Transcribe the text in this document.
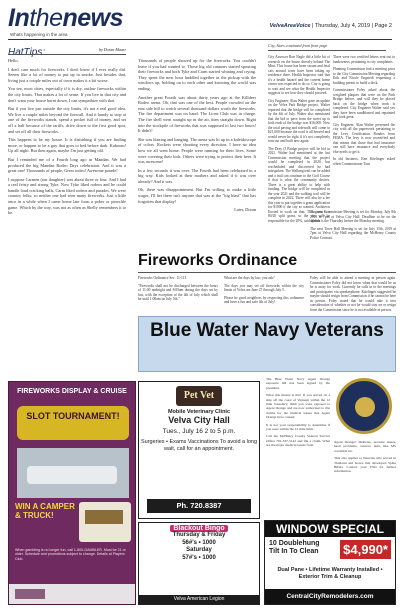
Inthenews
Whats happening in the area
VelvaAreaVoice | Thursday, July 4, 2019 | Page 2
HatTips:	by Doran Mauer

Hello,

I don't care much for fireworks. I don't know if I ever really did. Seems like a lot of money to put up in smoke. Just besides that, living just a couple miles out of town makes it a bit worse.

You see, most cities, especially if it is dry, outlaw fireworks within the city limits. That makes a lot of sense. If you live in that city and don't want your house burnt down, I can sympathize with that.

But if you live just outside the city limits, it's not a real good idea. We live a couple miles beyond the firewall. And it handy to stop at one of the fireworks stands, spend a pocket full of money, and set off a half because of the tariffs, drive down to the first good spot, and set off all their fireworks.

This happens to be my house. It is disturbing if you are finding more, or happen to be a guy that goes to bed before dark. Kaboom! Up all night. But then again, maybe I'm just getting old.

But I reminded me of a Fourth long ago in Mandan. We had produced the big Mandan Rodeo Days celebration. And it was a great one! Thousands of people. Great rodeo! Awesome parade!

I suppose Carmen (our daughter) was about three or four. And I had a real feisty and strong Tyke. Now Tyke liked rodeos and he could handle loud cracking balls, Carm liked rodeos and parades. We were country folks; so neither one had seen many fireworks. Just a little once in a while when I came home late from a poker or pinochle game. Which by the way, was not as often as Shelly remembers it to be.

Thousands of people showed up for the fireworks. You couldn't leave if you had wanted to. Those big old cannons started spouting their fireworks and both Tyke and Carm started whining and crying. They spent the next hour huddled together in the pickup with the windows up, holding on to each other and knowing the world was ending.

Another great Fourth was about thirty years ago at the Killdeer Rodeo arena. Oh, that was one of the best. People crowded on the east side hill to watch several thousand dollars worth the fireworks. The fire department was on hand. The Lions Club was in charge. The fire shell went straight up in the air, then straight down. Right into the stockpile of fireworks that was supposed to last two hours! It didn't!

She was blazing and banging. The arena was lit up in a kaleidoscope of colors. Rockets were shooting every direction. I have no idea how we all went home. People were running for their lives. Some were covering their kids. Others were trying to protect their beer. It was awesome!

In a few seconds it was over. The Fourth had been celebrated in a big way. Kids looked at their mothers and asked if it was over already? And it was.

Oh, there was disappointment. But I'm willing to make a little wager, I'll bet there isn't anyone that was at the "big blast" that has forgotten that display!

Later, Doran

City, Stars continued from front page

City Assessor Ron Nagle did a little bit of research on the house directly behind The Mint. This house has been vacant and fetal cats around town have been taking up residence there. Health Inspector said that it's a health hazard and the current home owner was expected to do so. City is going to wait and see what the Health Inspector suggests to see how they should proceed.

City Engineer, Alan Walter gave an update on the Velva Park Bridge project. Walter reported that the bridge will be completed by the 4th of July. Walter also mentioned that the bid to pave from the street up to both ends of the bridge was $16,000. Now the total paving and sidewalk will come to $21,000 because the road is all heaved and would never be right if it's not completely torn out and built new again.

The Drey (J Bridge project will be bid in 2021. Walter had mentioned at the last Commission meeting that the project would be completed in 2020, but rescheduled and discovered he had misspoken. The Walking trail can be added and a trail can continue to the Golf Course if that is what the community desires. There is a great ability to help with funding. The bridge will be completed in the year 2021 and the walking trail will be complete in 2022. There will also be a fee this year to put together a grant application for $1000 if the city so wanted. Architects Envied to work on that. This grant is a 80/20 split grant, so the city will be responsible for the 20%, said Walter.

There were two certified letters sent out to landowners, pertaining to city complaints.

Planning Commission had a meeting prior to the City Commission Meeting regarding Erik and Nicole Engstedt requesting a building permit to build a deck.

Commissioner Foley asked about the weighted plaques that were on the Park Bridge before, and will they be placed back on the bridge when work is completed. City Engineer Walter said yes they have been sandblasted and repainted and look great.

City Engineer, Alan Walter presented the city with all the paperwork pertaining to the Levy Certification Rondos from FEMA. The levy is now recertified and that means that those that had insurance can still have insurance and everybody else needs to get it.

In old business, Ken Kitelinger asked when Commissioner Tom

Fireworks Ordinance

Fireworks Ordinance Sec. 11-113

"Fireworks shall not be discharged between the hours of 11:00 midnight and 8:00am during the days set by law, with the exception of the 4th of July which shall be until 1:00am on July 5th."

What are the days by law, you ask?

The days you may set off fireworks within the city limits of Velva are June 27 through July 5.

Please be good neighbors by respecting this ordinance and have a fun and safe 4th of July!

Foley will be able to attend a meeting in person again. Commissioner Foley did not know when that would be as he is away for work. Currently he calls in to the meetings and participates via speakerphone. Kitelinger suggested he maybe should resign from Commission if he cannot be here in person. Foley stated that he would take it into consideration of whether or not he would stay on or resign from the Commission since he is not available in person.

The next Commission Meeting is set for Monday, July 8th 2019 at 7pm at Velva City Hall. Deadline to be on the agenda is the Thursday before the Monday meeting.

The next Town Hall Meeting is set for July 15th, 2019 at 7pm at Velva City Hall regarding the McHenry County Police Contract.

Blue Water Navy Veterans

The Blue Water Navy Agent Orange exposure bill has been signed by the president.

What this means is this: If you served on a ship off the coast of Vietnam within the 12 mile boundary; limit you were exposed to Agent Orange and are now authorized to file claims for the medical issues that Agent Orange have caused.

It is not your responsibility to determine if you were within the 12 mile limit.

Call the McHenry County Veteran Service Office 701-537-5142 and file a claim. What are the major medical issues from

Agent Orange? Diabetes, prostate issues, heart problems, cancers, skin, like MS condition etc.

This also applies to Veterans who served in Thailand and Korea that developed Spina Bifida. Contact your VSO for further information.

FIREWORKS DISPLAY & CRUISE
SLOT TOURNAMENT!
WIN A CAMPER & TRUCK!
When gambling is no longer fun, call 1-800-GAMBLER. Must be 21 or older. Schedule and promotions subject to change. Details at Players Club.
Pet Vet
Mobile Veterinary Clinic
Velva City Hall
Tues., July 16 2 to 5 p.m.
Surgeries • Exams Vaccinations To avoid a long wait, call for an appointment.
Ph. 720.8387
Blackout Bingo
Thursday & Friday
56#'s • 1000
Saturday
57#'s • 1000
Velva American Legion
WINDOW SPECIAL
10 Doublehung Tilt In To Clean	$4,990*
Dual Pane • Lifetime Warranty Installed • Exterior Trim & Cleanup
CentralCityRemodelers.com
